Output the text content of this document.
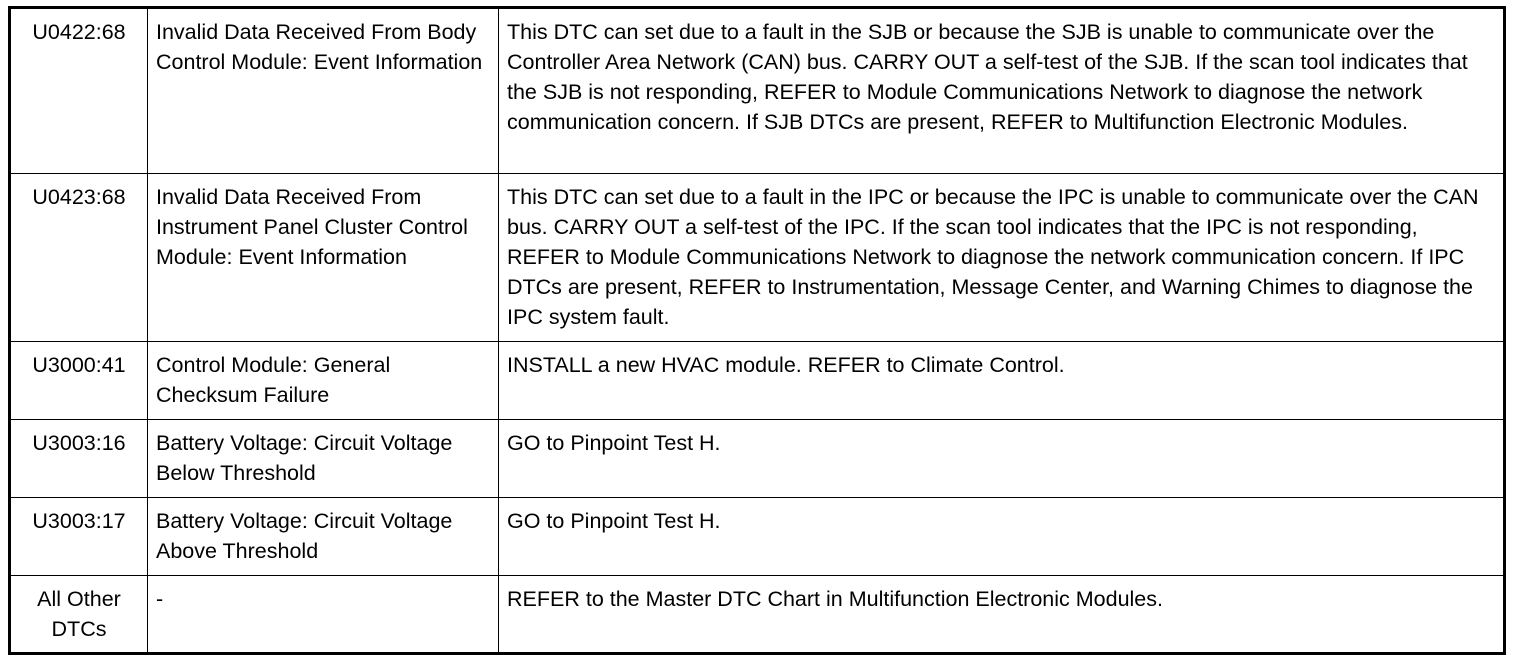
U0422:68	Invalid Data Received From Body Control Module: Event Information	This DTC can set due to a fault in the SJB or because the SJB is unable to communicate over the Controller Area Network (CAN) bus. CARRY OUT a self-test of the SJB. If the scan tool indicates that the SJB is not responding, REFER to Module Communications Network to diagnose the network communication concern. If SJB DTCs are present, REFER to Multifunction Electronic Modules.
U0423:68	Invalid Data Received From Instrument Panel Cluster Control Module: Event Information	This DTC can set due to a fault in the IPC or because the IPC is unable to communicate over the CAN bus. CARRY OUT a self-test of the IPC. If the scan tool indicates that the IPC is not responding, REFER to Module Communications Network to diagnose the network communication concern. If IPC DTCs are present, REFER to Instrumentation, Message Center, and Warning Chimes to diagnose the IPC system fault.
U3000:41	Control Module: General Checksum Failure	INSTALL a new HVAC module. REFER to Climate Control.
U3003:16	Battery Voltage: Circuit Voltage Below Threshold	GO to Pinpoint Test H.
U3003:17	Battery Voltage: Circuit Voltage Above Threshold	GO to Pinpoint Test H.
All Other DTCs	-	REFER to the Master DTC Chart in Multifunction Electronic Modules.
